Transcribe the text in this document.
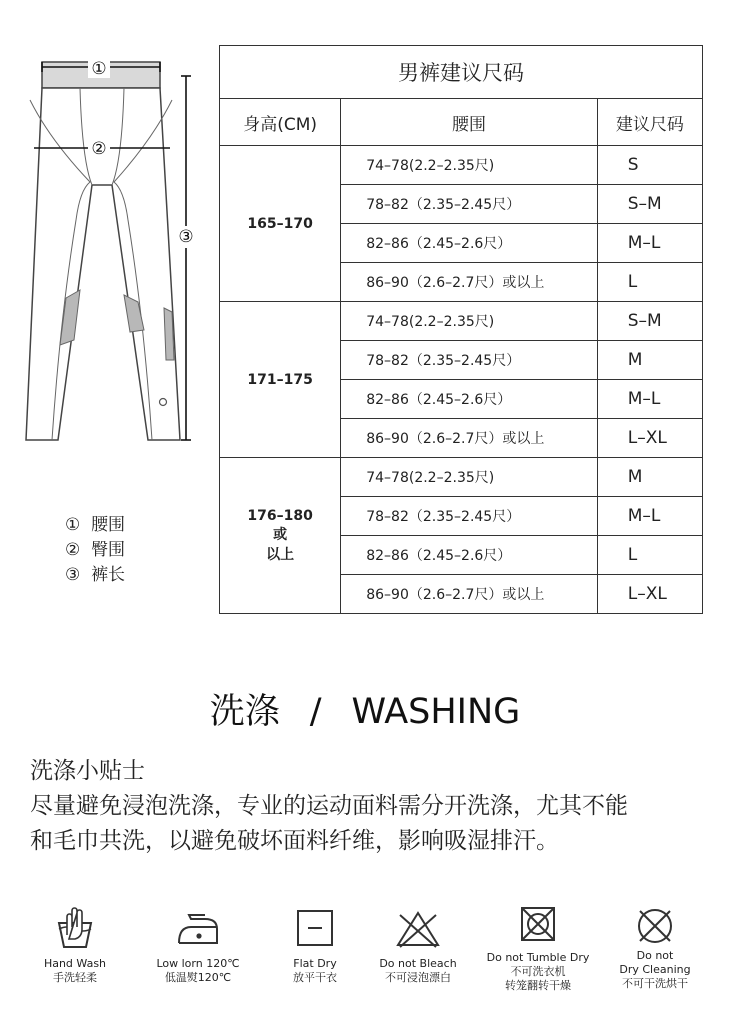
①
②
③
① 腰围
② 臀围
③ 裤长
男裤建议尺码		
身高(CM)	腰围	建议尺码
165–170	74–78(2.2–2.35尺)	S
	78–82（2.35–2.45尺）	S–M
	82–86（2.45–2.6尺）	M–L
	86–90（2.6–2.7尺）或以上	L
171–175	74–78(2.2–2.35尺)	S–M
	78–82（2.35–2.45尺）	M
	82–86（2.45–2.6尺）	M–L
	86–90（2.6–2.7尺）或以上	L–XL

176–180
或
以上	74–78(2.2–2.35尺)	M
	78–82（2.35–2.45尺）	M–L
	82–86（2.45–2.6尺）	L
	86–90（2.6–2.7尺）或以上	L–XL
洗涤 / WASHING
洗涤小贴士
尽量避免浸泡洗涤，专业的运动面料需分开洗涤，尤其不能
和毛巾共洗，以避免破坏面料纤维，影响吸湿排汗。
Hand Wash
手洗轻柔
Low lorn 120℃
低温熨120℃
Flat Dry
放平干衣
Do not Bleach
不可浸泡漂白
Do not Tumble Dry
不可洗衣机
转笼翻转干燥
Do not
Dry Cleaning
不可干洗烘干
